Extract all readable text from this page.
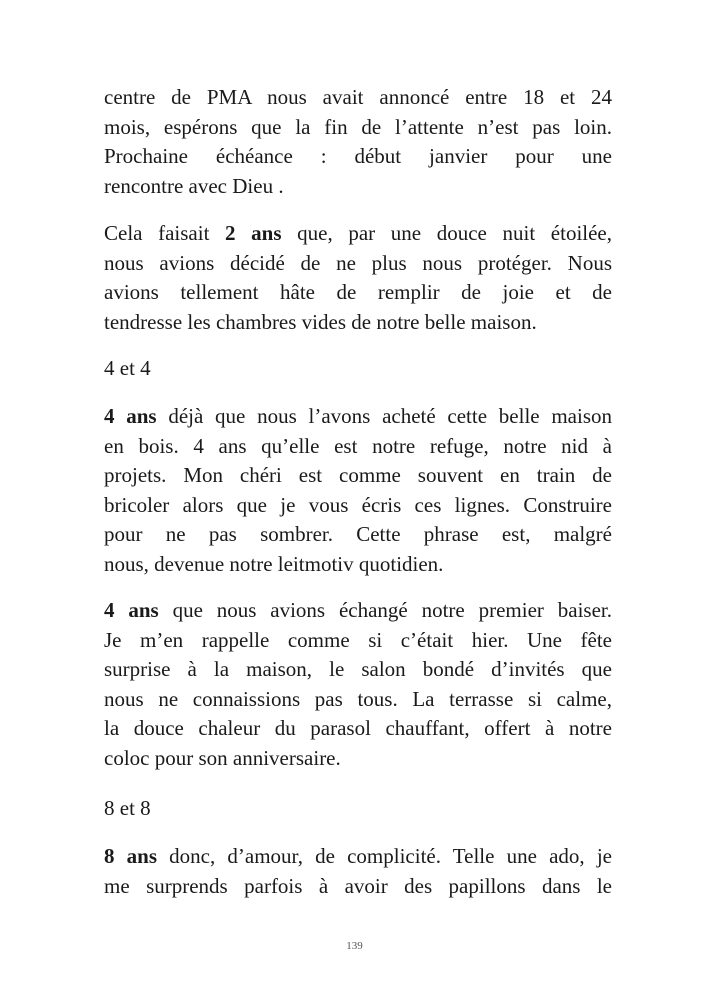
centre de PMA nous avait annoncé entre 18 et 24
mois, espérons que la fin de l’attente n’est pas loin.
Prochaine échéance : début janvier pour une
rencontre avec Dieu .
Cela faisait 2 ans que, par une douce nuit étoilée,
nous avions décidé de ne plus nous protéger. Nous
avions tellement hâte de remplir de joie et de
tendresse les chambres vides de notre belle maison.
4 et 4
4 ans déjà que nous l’avons acheté cette belle maison
en bois. 4 ans qu’elle est notre refuge, notre nid à
projets. Mon chéri est comme souvent en train de
bricoler alors que je vous écris ces lignes. Construire
pour ne pas sombrer. Cette phrase est, malgré
nous, devenue notre leitmotiv quotidien.
4 ans que nous avions échangé notre premier baiser.
Je m’en rappelle comme si c’était hier. Une fête
surprise à la maison, le salon bondé d’invités que
nous ne connaissions pas tous. La terrasse si calme,
la douce chaleur du parasol chauffant, offert à notre
coloc pour son anniversaire.
8 et 8
8 ans donc, d’amour, de complicité. Telle une ado, je
me surprends parfois à avoir des papillons dans le
139
